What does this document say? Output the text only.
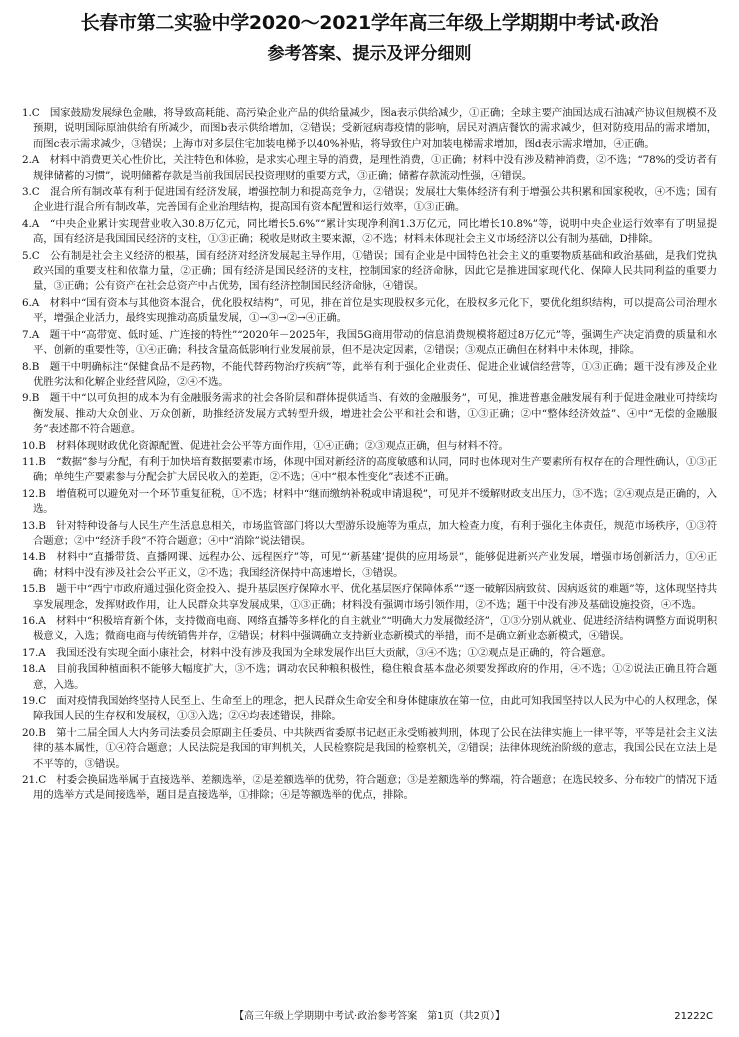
长春市第二实验中学2020～2021学年高三年级上学期期中考试·政治
参考答案、提示及评分细则

1.C　国家鼓励发展绿色金融，将导致高耗能、高污染企业产品的供给量减少，图a表示供给减少，①正确；全球主要产油国达成石油减产协议但规模不及预期，说明国际原油供给有所减少，而图b表示供给增加，②错误；受新冠病毒疫情的影响，居民对酒店餐饮的需求减少，但对防疫用品的需求增加，而图c表示需求减少，③错误；上海市对多层住宅加装电梯予以40%补贴，将导致住户对加装电梯需求增加，图d表示需求增加，④正确。

2.A　材料中消费更关心性价比，关注特色和体验，是求实心理主导的消费，是理性消费，①正确；材料中没有涉及精神消费，②不选；“78%的受访者有规律储蓄的习惯”，说明储蓄存款是当前我国居民投资理财的重要方式，③正确；储蓄存款流动性强，④错误。

3.C　混合所有制改革有利于促进国有经济发展，增强控制力和提高竞争力，②错误；发展壮大集体经济有利于增强公共积累和国家税收，④不选；国有企业进行混合所有制改革，完善国有企业治理结构，提高国有资本配置和运行效率，①③正确。

4.A　“中央企业累计实现营业收入30.8万亿元，同比增长5.6%”“累计实现净利润1.3万亿元，同比增长10.8%”等，说明中央企业运行效率有了明显提高，国有经济是我国国民经济的支柱，①③正确；税收是财政主要来源，②不选；材料未体现社会主义市场经济以公有制为基础，D排除。

5.C　公有制是社会主义经济的根基，国有经济对经济发展起主导作用，①错误；国有企业是中国特色社会主义的重要物质基础和政治基础，是我们党执政兴国的重要支柱和依靠力量，②正确；国有经济是国民经济的支柱，控制国家的经济命脉，因此它是推进国家现代化、保障人民共同利益的重要力量，③正确；公有资产在社会总资产中占优势，国有经济控制国民经济命脉，④错误。

6.A　材料中“国有资本与其他资本混合，优化股权结构”，可见，排在首位是实现股权多元化，在股权多元化下，要优化组织结构，可以提高公司治理水平，增强企业活力，最终实现推动高质量发展，①→③→②→④正确。

7.A　题干中“高带宽、低时延、广连接的特性”“2020年－2025年，我国5G商用带动的信息消费规模将超过8万亿元”等，强调生产决定消费的质量和水平、创新的重要性等，①④正确；科技含量高低影响行业发展前景，但不是决定因素，②错误；③观点正确但在材料中未体现，排除。

8.B　题干中明确标注“保健食品不是药物，不能代替药物治疗疾病”等，此举有利于强化企业责任、促进企业诚信经营等，①③正确；题干没有涉及企业优胜劣汰和化解企业经营风险，②④不选。

9.B　题干中“以可负担的成本为有金融服务需求的社会各阶层和群体提供适当、有效的金融服务”，可见，推进普惠金融发展有利于促进金融业可持续均衡发展、推动大众创业、万众创新，助推经济发展方式转型升级，增进社会公平和社会和谐，①③正确；②中“整体经济效益”、④中“无偿的金融服务”表述都不符合题意。

10.B　材料体现财政优化资源配置、促进社会公平等方面作用，①④正确；②③观点正确，但与材料不符。

11.B　“数据”参与分配，有利于加快培育数据要素市场，体现中国对新经济的高度敏感和认同，同时也体现对生产要素所有权存在的合理性确认，①③正确；单纯生产要素参与分配会扩大居民收入的差距，②不选；④中“根本性变化”表述不正确。

12.B　增值税可以避免对一个环节重复征税，①不选；材料中“继而缴纳补税或申请退税”，可见并不缓解财政支出压力，③不选；②④观点是正确的，入选。

13.B　针对特种设备与人民生产生活息息相关，市场监管部门将以大型游乐设施等为重点，加大检查力度，有利于强化主体责任，规范市场秩序，①③符合题意；②中“经济手段”不符合题意；④中“消除”说法错误。

14.B　材料中“直播带货、直播网课、远程办公、远程医疗”等，可见“‘新基建’提供的应用场景”，能够促进新兴产业发展，增强市场创新活力，①④正确；材料中没有涉及社会公平正义，②不选；我国经济保持中高速增长，③错误。

15.B　题干中“西宁市政府通过强化资金投入、提升基层医疗保障水平、优化基层医疗保障体系”“逐一破解因病致贫、因病返贫的难题”等，这体现坚持共享发展理念，发挥财政作用，让人民群众共享发展成果，①③正确；材料没有强调市场引领作用，②不选；题干中没有涉及基础设施投资，④不选。

16.A　材料中“积极培育新个体，支持微商电商、网络直播等多样化的自主就业”“明确大力发展微经济”，①③分别从就业、促进经济结构调整方面说明积极意义，入选；微商电商与传统销售并存，②错误；材料中强调确立支持新业态新模式的举措，而不是确立新业态新模式，④错误。

17.A　我国还没有实现全面小康社会，材料中没有涉及我国为全球发展作出巨大贡献，③④不选；①②观点是正确的，符合题意。

18.A　目前我国种植面积不能够大幅度扩大，③不选；调动农民种粮积极性，稳住粮食基本盘必须要发挥政府的作用，④不选；①②说法正确且符合题意，入选。

19.C　面对疫情我国始终坚持人民至上、生命至上的理念，把人民群众生命安全和身体健康放在第一位，由此可知我国坚持以人民为中心的人权理念，保障我国人民的生存权和发展权，①③入选；②④均表述错误，排除。

20.B　第十二届全国人大内务司法委员会原副主任委员、中共陕西省委原书记赵正永受贿被判刑，体现了公民在法律实施上一律平等，平等是社会主义法律的基本属性，①④符合题意；人民法院是我国的审判机关，人民检察院是我国的检察机关，②错误；法律体现统治阶级的意志，我国公民在立法上是不平等的，③错误。

21.C　村委会换届选举属于直接选举、差额选举，②是差额选举的优势，符合题意；③是差额选举的弊端，符合题意；在选民较多、分布较广的情况下适用的选举方式是间接选举，题目是直接选举，①排除；④是等额选举的优点，排除。

【高三年级上学期期中考试·政治参考答案　第1页（共2页）】	21222C
